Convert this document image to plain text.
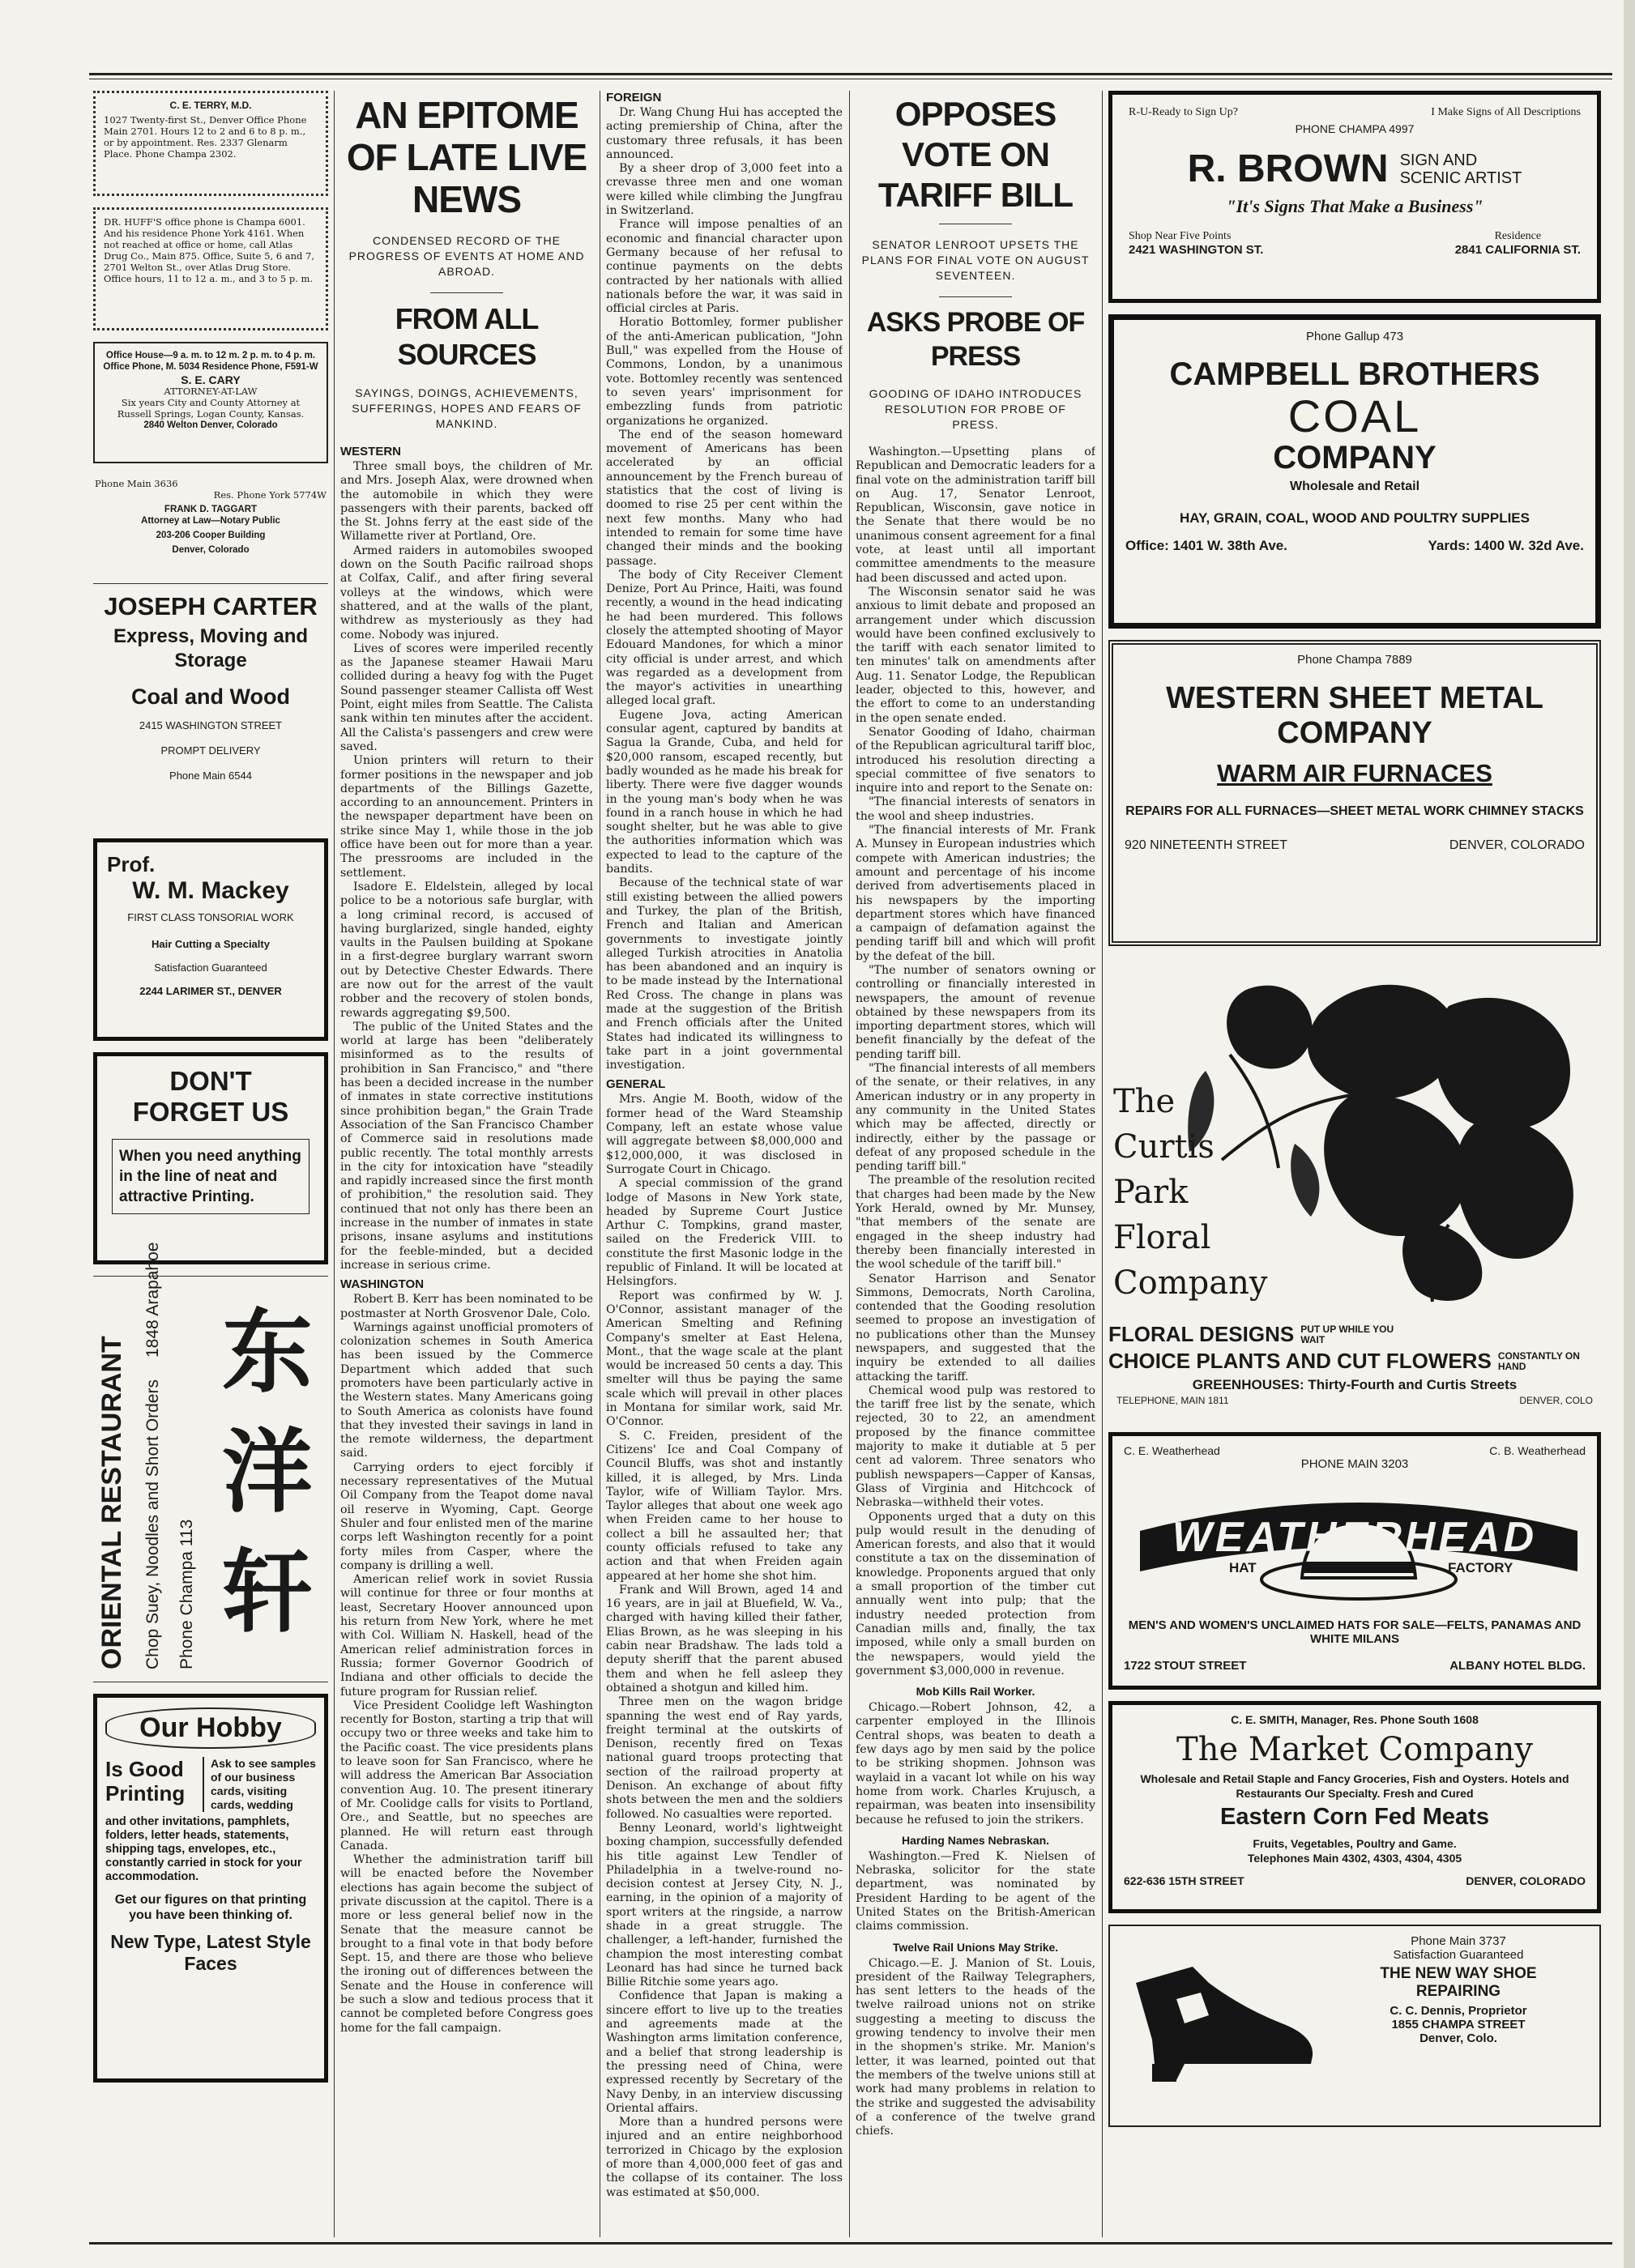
C. E. TERRY, M.D.
1027 Twenty-first St., Denver Office Phone Main 2701. Hours 12 to 2 and 6 to 8 p. m., or by appointment. Res. 2337 Glenarm Place. Phone Champa 2302.
DR. HUFF'S office phone is Champa 6001. And his residence Phone York 4161. When not reached at office or home, call Atlas Drug Co., Main 875. Office, Suite 5, 6 and 7, 2701 Welton St., over Atlas Drug Store. Office hours, 11 to 12 a. m., and 3 to 5 p. m.
Office House—9 a. m. to 12 m. 2 p. m. to 4 p. m. Office Phone, M. 5034 Residence Phone, F591-W
S. E. CARY
ATTORNEY-AT-LAW
Six years City and County Attorney at Russell Springs, Logan County, Kansas.
2840 Welton Denver, Colorado
Phone Main 3636
Res. Phone York 5774W
FRANK D. TAGGART
Attorney at Law—Notary Public
203-206 Cooper Building
Denver, Colorado
JOSEPH CARTER
Express, Moving and Storage
Coal and Wood
2415 WASHINGTON STREET
PROMPT DELIVERY
Phone Main 6544
Prof.
W. M. Mackey
FIRST CLASS TONSORIAL WORK
Hair Cutting a Specialty
Satisfaction Guaranteed
2244 LARIMER ST., DENVER
DON'T FORGET US
When you need anything in the line of neat and attractive Printing.
ORIENTAL RESTAURANT Chop Suey, Noodles and Short Orders
1848 Arapahoe
Phone Champa 113
东洋轩
Our Hobby
Is Good
Printing
Ask to see samples of our business cards, visiting cards, wedding
and other invitations, pamphlets, folders, letter heads, statements, shipping tags, envelopes, etc., constantly carried in stock for your accommodation.
Get our figures on that printing you have been thinking of.
New Type, Latest Style Faces
AN EPITOME OF LATE LIVE NEWS
CONDENSED RECORD OF THE PROGRESS OF EVENTS AT HOME AND ABROAD.
FROM ALL SOURCES
SAYINGS, DOINGS, ACHIEVEMENTS, SUFFERINGS, HOPES AND FEARS OF MANKIND.
WESTERN

Three small boys, the children of Mr. and Mrs. Joseph Alax, were drowned when the automobile in which they were passengers with their parents, backed off the St. Johns ferry at the east side of the Willamette river at Portland, Ore.

Armed raiders in automobiles swooped down on the South Pacific railroad shops at Colfax, Calif., and after firing several volleys at the windows, which were shattered, and at the walls of the plant, withdrew as mysteriously as they had come. Nobody was injured.

Lives of scores were imperiled recently as the Japanese steamer Hawaii Maru collided during a heavy fog with the Puget Sound passenger steamer Callista off West Point, eight miles from Seattle. The Calista sank within ten minutes after the accident. All the Calista's passengers and crew were saved.

Union printers will return to their former positions in the newspaper and job departments of the Billings Gazette, according to an announcement. Printers in the newspaper department have been on strike since May 1, while those in the job office have been out for more than a year. The pressrooms are included in the settlement.

Isadore E. Eldelstein, alleged by local police to be a notorious safe burglar, with a long criminal record, is accused of having burglarized, single handed, eighty vaults in the Paulsen building at Spokane in a first-degree burglary warrant sworn out by Detective Chester Edwards. There are now out for the arrest of the vault robber and the recovery of stolen bonds, rewards aggregating $9,500.

The public of the United States and the world at large has been "deliberately misinformed as to the results of prohibition in San Francisco," and "there has been a decided increase in the number of inmates in state corrective institutions since prohibition began," the Grain Trade Association of the San Francisco Chamber of Commerce said in resolutions made public recently. The total monthly arrests in the city for intoxication have "steadily and rapidly increased since the first month of prohibition," the resolution said. They continued that not only has there been an increase in the number of inmates in state prisons, insane asylums and institutions for the feeble-minded, but a decided increase in serious crime.

WASHINGTON

Robert B. Kerr has been nominated to be postmaster at North Grosvenor Dale, Colo.

Warnings against unofficial promoters of colonization schemes in South America has been issued by the Commerce Department which added that such promoters have been particularly active in the Western states. Many Americans going to South America as colonists have found that they invested their savings in land in the remote wilderness, the department said.

Carrying orders to eject forcibly if necessary representatives of the Mutual Oil Company from the Teapot dome naval oil reserve in Wyoming, Capt. George Shuler and four enlisted men of the marine corps left Washington recently for a point forty miles from Casper, where the company is drilling a well.

American relief work in soviet Russia will continue for three or four months at least, Secretary Hoover announced upon his return from New York, where he met with Col. William N. Haskell, head of the American relief administration forces in Russia; former Governor Goodrich of Indiana and other officials to decide the future program for Russian relief.

Vice President Coolidge left Washington recently for Boston, starting a trip that will occupy two or three weeks and take him to the Pacific coast. The vice presidents plans to leave soon for San Francisco, where he will address the American Bar Association convention Aug. 10. The present itinerary of Mr. Coolidge calls for visits to Portland, Ore., and Seattle, but no speeches are planned. He will return east through Canada.

Whether the administration tariff bill will be enacted before the November elections has again become the subject of private discussion at the capitol. There is a more or less general belief now in the Senate that the measure cannot be brought to a final vote in that body before Sept. 15, and there are those who believe the ironing out of differences between the Senate and the House in conference will be such a slow and tedious process that it cannot be completed before Congress goes home for the fall campaign.

FOREIGN

Dr. Wang Chung Hui has accepted the acting premiership of China, after the customary three refusals, it has been announced.

By a sheer drop of 3,000 feet into a crevasse three men and one woman were killed while climbing the Jungfrau in Switzerland.

France will impose penalties of an economic and financial character upon Germany because of her refusal to continue payments on the debts contracted by her nationals with allied nationals before the war, it was said in official circles at Paris.

Horatio Bottomley, former publisher of the anti-American publication, "John Bull," was expelled from the House of Commons, London, by a unanimous vote. Bottomley recently was sentenced to seven years' imprisonment for embezzling funds from patriotic organizations he organized.

The end of the season homeward movement of Americans has been accelerated by an official announcement by the French bureau of statistics that the cost of living is doomed to rise 25 per cent within the next few months. Many who had intended to remain for some time have changed their minds and the booking passage.

The body of City Receiver Clement Denize, Port Au Prince, Haiti, was found recently, a wound in the head indicating he had been murdered. This follows closely the attempted shooting of Mayor Edouard Mandones, for which a minor city official is under arrest, and which was regarded as a development from the mayor's activities in unearthing alleged local graft.

Eugene Jova, acting American consular agent, captured by bandits at Sagua la Grande, Cuba, and held for $20,000 ransom, escaped recently, but badly wounded as he made his break for liberty. There were five dagger wounds in the young man's body when he was found in a ranch house in which he had sought shelter, but he was able to give the authorities information which was expected to lead to the capture of the bandits.

Because of the technical state of war still existing between the allied powers and Turkey, the plan of the British, French and Italian and American governments to investigate jointly alleged Turkish atrocities in Anatolia has been abandoned and an inquiry is to be made instead by the International Red Cross. The change in plans was made at the suggestion of the British and French officials after the United States had indicated its willingness to take part in a joint governmental investigation.

GENERAL

Mrs. Angie M. Booth, widow of the former head of the Ward Steamship Company, left an estate whose value will aggregate between $8,000,000 and $12,000,000, it was disclosed in Surrogate Court in Chicago.

A special commission of the grand lodge of Masons in New York state, headed by Supreme Court Justice Arthur C. Tompkins, grand master, sailed on the Frederick VIII. to constitute the first Masonic lodge in the republic of Finland. It will be located at Helsingfors.

Report was confirmed by W. J. O'Connor, assistant manager of the American Smelting and Refining Company's smelter at East Helena, Mont., that the wage scale at the plant would be increased 50 cents a day. This smelter will thus be paying the same scale which will prevail in other places in Montana for similar work, said Mr. O'Connor.

S. C. Freiden, president of the Citizens' Ice and Coal Company of Council Bluffs, was shot and instantly killed, it is alleged, by Mrs. Linda Taylor, wife of William Taylor. Mrs. Taylor alleges that about one week ago when Freiden came to her house to collect a bill he assaulted her; that county officials refused to take any action and that when Freiden again appeared at her home she shot him.

Frank and Will Brown, aged 14 and 16 years, are in jail at Bluefield, W. Va., charged with having killed their father, Elias Brown, as he was sleeping in his cabin near Bradshaw. The lads told a deputy sheriff that the parent abused them and when he fell asleep they obtained a shotgun and killed him.

Three men on the wagon bridge spanning the west end of Ray yards, freight terminal at the outskirts of Denison, recently fired on Texas national guard troops protecting that section of the railroad property at Denison. An exchange of about fifty shots between the men and the soldiers followed. No casualties were reported.

Benny Leonard, world's lightweight boxing champion, successfully defended his title against Lew Tendler of Philadelphia in a twelve-round no-decision contest at Jersey City, N. J., earning, in the opinion of a majority of sport writers at the ringside, a narrow shade in a great struggle. The challenger, a left-hander, furnished the champion the most interesting combat Leonard has had since he turned back Billie Ritchie some years ago.

Confidence that Japan is making a sincere effort to live up to the treaties and agreements made at the Washington arms limitation conference, and a belief that strong leadership is the pressing need of China, were expressed recently by Secretary of the Navy Denby, in an interview discussing Oriental affairs.

More than a hundred persons were injured and an entire neighborhood terrorized in Chicago by the explosion of more than 4,000,000 feet of gas and the collapse of its container. The loss was estimated at $50,000.

OPPOSES VOTE ON TARIFF BILL
SENATOR LENROOT UPSETS THE PLANS FOR FINAL VOTE ON AUGUST SEVENTEEN.
ASKS PROBE OF PRESS
GOODING OF IDAHO INTRODUCES RESOLUTION FOR PROBE OF PRESS.

Washington.—Upsetting plans of Republican and Democratic leaders for a final vote on the administration tariff bill on Aug. 17, Senator Lenroot, Republican, Wisconsin, gave notice in the Senate that there would be no unanimous consent agreement for a final vote, at least until all important committee amendments to the measure had been discussed and acted upon.

The Wisconsin senator said he was anxious to limit debate and proposed an arrangement under which discussion would have been confined exclusively to the tariff with each senator limited to ten minutes' talk on amendments after Aug. 11. Senator Lodge, the Republican leader, objected to this, however, and the effort to come to an understanding in the open senate ended.

Senator Gooding of Idaho, chairman of the Republican agricultural tariff bloc, introduced his resolution directing a special committee of five senators to inquire into and report to the Senate on:

"The financial interests of senators in the wool and sheep industries.

"The financial interests of Mr. Frank A. Munsey in European industries which compete with American industries; the amount and percentage of his income derived from advertisements placed in his newspapers by the importing department stores which have financed a campaign of defamation against the pending tariff bill and which will profit by the defeat of the bill.

"The number of senators owning or controlling or financially interested in newspapers, the amount of revenue obtained by these newspapers from its importing department stores, which will benefit financially by the defeat of the pending tariff bill.

"The financial interests of all members of the senate, or their relatives, in any American industry or in any property in any community in the United States which may be affected, directly or indirectly, either by the passage or defeat of any proposed schedule in the pending tariff bill."

The preamble of the resolution recited that charges had been made by the New York Herald, owned by Mr. Munsey, "that members of the senate are engaged in the sheep industry had thereby been financially interested in the wool schedule of the tariff bill."

Senator Harrison and Senator Simmons, Democrats, North Carolina, contended that the Gooding resolution seemed to propose an investigation of no publications other than the Munsey newspapers, and suggested that the inquiry be extended to all dailies attacking the tariff.

Chemical wood pulp was restored to the tariff free list by the senate, which rejected, 30 to 22, an amendment proposed by the finance committee majority to make it dutiable at 5 per cent ad valorem. Three senators who publish newspapers—Capper of Kansas, Glass of Virginia and Hitchcock of Nebraska—withheld their votes.

Opponents urged that a duty on this pulp would result in the denuding of American forests, and also that it would constitute a tax on the dissemination of knowledge. Proponents argued that only a small proportion of the timber cut annually went into pulp; that the industry needed protection from Canadian mills and, finally, the tax imposed, while only a small burden on the newspapers, would yield the government $3,000,000 in revenue.

Mob Kills Rail Worker.

Chicago.—Robert Johnson, 42, a carpenter employed in the Illinois Central shops, was beaten to death a few days ago by men said by the police to be striking shopmen. Johnson was waylaid in a vacant lot while on his way home from work. Charles Krujusch, a repairman, was beaten into insensibility because he refused to join the strikers.

Harding Names Nebraskan.

Washington.—Fred K. Nielsen of Nebraska, solicitor for the state department, was nominated by President Harding to be agent of the United States on the British-American claims commission.

Twelve Rail Unions May Strike.

Chicago.—E. J. Manion of St. Louis, president of the Railway Telegraphers, has sent letters to the heads of the twelve railroad unions not on strike suggesting a meeting to discuss the growing tendency to involve their men in the shopmen's strike. Mr. Manion's letter, it was learned, pointed out that the members of the twelve unions still at work had many problems in relation to the strike and suggested the advisability of a conference of the twelve grand chiefs.

R-U-Ready to Sign Up?	I Make Signs of All Descriptions
PHONE CHAMPA 4997
R. BROWN SIGN AND
SCENIC ARTIST
"It's Signs That Make a Business"
Shop Near Five Points
2421 WASHINGTON ST.
Residence
2841 CALIFORNIA ST.
Phone Gallup 473
CAMPBELL BROTHERS
COAL
COMPANY
Wholesale and Retail
HAY, GRAIN, COAL, WOOD AND POULTRY SUPPLIES
Office: 1401 W. 38th Ave.	Yards: 1400 W. 32d Ave.
Phone Champa 7889
WESTERN SHEET METAL
COMPANY
WARM AIR FURNACES
REPAIRS FOR ALL FURNACES—SHEET METAL WORK CHIMNEY STACKS
920 NINETEENTH STREET	DENVER, COLORADO
The
Curtis
Park
Floral
Company
FLORAL DESIGNS PUT UP WHILE YOU WAIT
CHOICE PLANTS AND CUT FLOWERS CONSTANTLY ON HAND
GREENHOUSES: Thirty-Fourth and Curtis Streets
TELEPHONE, MAIN 1811	DENVER, COLO
C. E. Weatherhead	C. B. Weatherhead
PHONE MAIN 3203
WEATHERHEAD
HAT	FACTORY
MEN'S AND WOMEN'S UNCLAIMED HATS FOR SALE—FELTS, PANAMAS AND WHITE MILANS
1722 STOUT STREET	ALBANY HOTEL BLDG.
C. E. SMITH, Manager, Res. Phone South 1608
The Market Company
Wholesale and Retail Staple and Fancy Groceries, Fish and Oysters. Hotels and Restaurants Our Specialty. Fresh and Cured
Eastern Corn Fed Meats
Fruits, Vegetables, Poultry and Game.
Telephones Main 4302, 4303, 4304, 4305
622-636 15TH STREET	DENVER, COLORADO
Phone Main 3737
Satisfaction Guaranteed
THE NEW WAY SHOE
REPAIRING
C. C. Dennis, Proprietor
1855 CHAMPA STREET
Denver, Colo.
